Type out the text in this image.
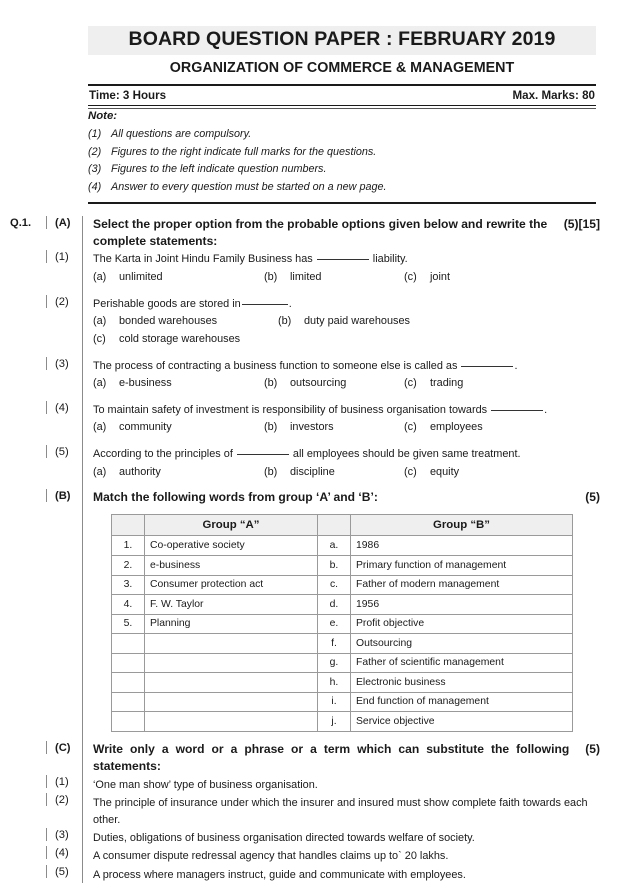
BOARD QUESTION PAPER : FEBRUARY 2019
ORGANIZATION OF COMMERCE & MANAGEMENT
Time: 3 Hours	Max. Marks: 80
Note:
(1) All questions are compulsory.
(2) Figures to the right indicate full marks for the questions.
(3) Figures to the left indicate question numbers.
(4) Answer to every question must be started on a new page.
Q.1.	(A)	Select the proper option from the probable options given below and rewrite the complete statements:
(5)[15]
(1)	The Karta in Joint Hindu Family Business has	liability.
(a)	unlimited	(b)	limited	(c)	joint
(2)	Perishable goods are stored in	.
(a)	bonded warehouses	(b)	duty paid warehouses
(c)	cold storage warehouses
(3)	The process of contracting a business function to someone else is called as	.
(a)	e-business	(b)	outsourcing	(c)	trading
(4)	To maintain safety of investment is responsibility of business organisation towards	.
(a)	community	(b)	investors	(c)	employees
(5)	According to the principles of	all employees should be given same treatment.
(a)	authority	(b)	discipline	(c)	equity
(B)	Match the following words from group ‘A’ and ‘B’:	(5)
	Group “A”		Group “B”
1.	Co-operative society	a.	1986
2.	e-business	b.	Primary function of management
3.	Consumer protection act	c.	Father of modern management
4.	F. W. Taylor	d.	1956
5.	Planning	e.	Profit objective
		f.	Outsourcing
		g.	Father of scientific management
		h.	Electronic business
		i.	End function of management
		j.	Service objective
(C)	Write only a word or a phrase or a term which can substitute the following statements:
(5)
(1)	‘One man show’ type of business organisation.
(2)	The principle of insurance under which the insurer and insured must show complete faith towards each other.
(3)	Duties, obligations of business organisation directed towards welfare of society.
(4)	A consumer dispute redressal agency that handles claims up toˋ 20 lakhs.
(5)	A process where managers instruct, guide and communicate with employees.
